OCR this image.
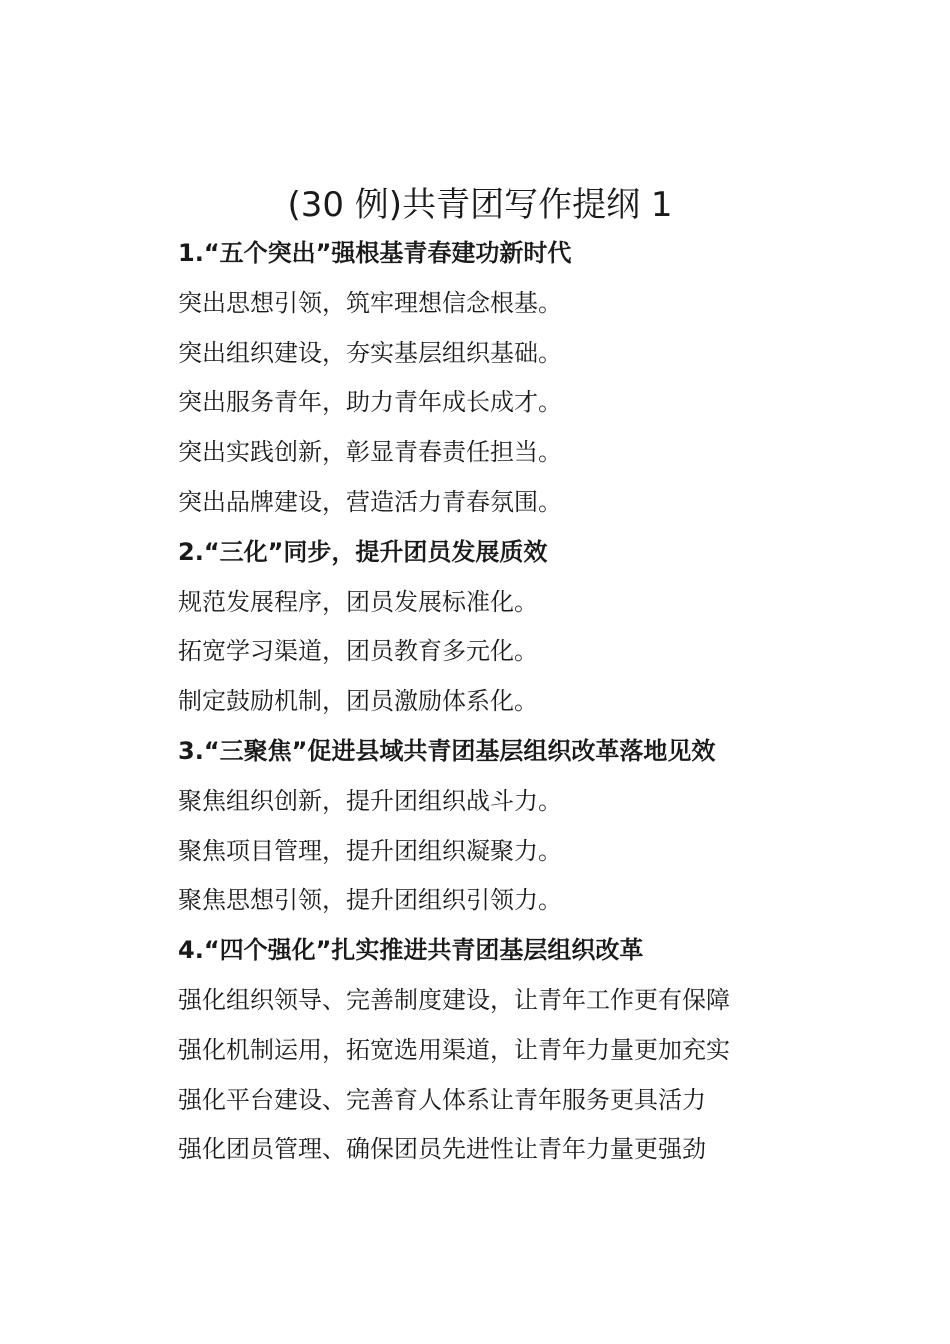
(30 例)共青团写作提纲 1
1.“五个突出”强根基青春建功新时代
突出思想引领，筑牢理想信念根基。
突出组织建设，夯实基层组织基础。
突出服务青年，助力青年成长成才。
突出实践创新，彰显青春责任担当。
突出品牌建设，营造活力青春氛围。
2.“三化”同步，提升团员发展质效
规范发展程序，团员发展标准化。
拓宽学习渠道，团员教育多元化。
制定鼓励机制，团员激励体系化。
3.“三聚焦”促进县域共青团基层组织改革落地见效
聚焦组织创新，提升团组织战斗力。
聚焦项目管理，提升团组织凝聚力。
聚焦思想引领，提升团组织引领力。
4.“四个强化”扎实推进共青团基层组织改革
强化组织领导、完善制度建设，让青年工作更有保障
强化机制运用，拓宽选用渠道，让青年力量更加充实
强化平台建设、完善育人体系让青年服务更具活力
强化团员管理、确保团员先进性让青年力量更强劲
